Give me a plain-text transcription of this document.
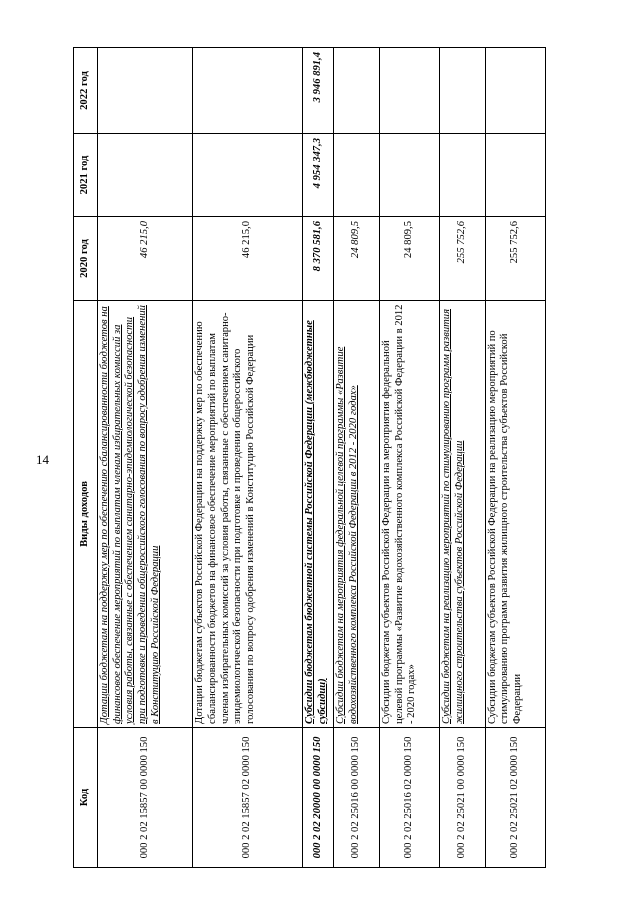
14
Код	Виды доходов	2020 год	2021 год	2022 год
000 2 02 15857 00 0000 150	Дотации бюджетам на поддержку мер по обеспечению сбалансированности бюджетов на финансовое обеспечение мероприятий по выплатам членам избирательных комиссий за условия работы, связанные с обеспечением санитарно-эпидемиологической безопасности при подготовке и проведении общероссийского голосования по вопросу одобрения изменений в Конституцию Российской Федерации	46 215,0		
000 2 02 15857 02 0000 150	Дотации бюджетам субъектов Российской Федерации на поддержку мер по обеспечению сбалансированности бюджетов на финансовое обеспечение мероприятий по выплатам членам избирательных комиссий за условия работы, связанные с обеспечением санитарно-эпидемиологической безопасности при подготовке и проведении общероссийского голосования по вопросу одобрения изменений в Конституцию Российской Федерации	46 215,0		
000 2 02 20000 00 0000 150	Субсидии бюджетам бюджетной системы Российской Федерации (межбюджетные субсидии)	8 370 581,6	4 954 347,3	3 946 891,4
000 2 02 25016 00 0000 150	Субсидии бюджетам на мероприятия федеральной целевой программы «Развитие водохозяйственного комплекса Российской Федерации в 2012 - 2020 годах»	24 809,5		
000 2 02 25016 02 0000 150	Субсидии бюджетам субъектов Российской Федерации на мероприятия федеральной целевой программы «Развитие водохозяйственного комплекса Российской Федерации в 2012 - 2020 годах»	24 809,5		
000 2 02 25021 00 0000 150	Субсидии бюджетам на реализацию мероприятий по стимулированию программ развития жилищного строительства субъектов Российской Федерации	255 752,6		
000 2 02 25021 02 0000 150	Субсидии бюджетам субъектов Российской Федерации на реализацию мероприятий по стимулированию программ развития жилищного строительства субъектов Российской Федерации	255 752,6		
